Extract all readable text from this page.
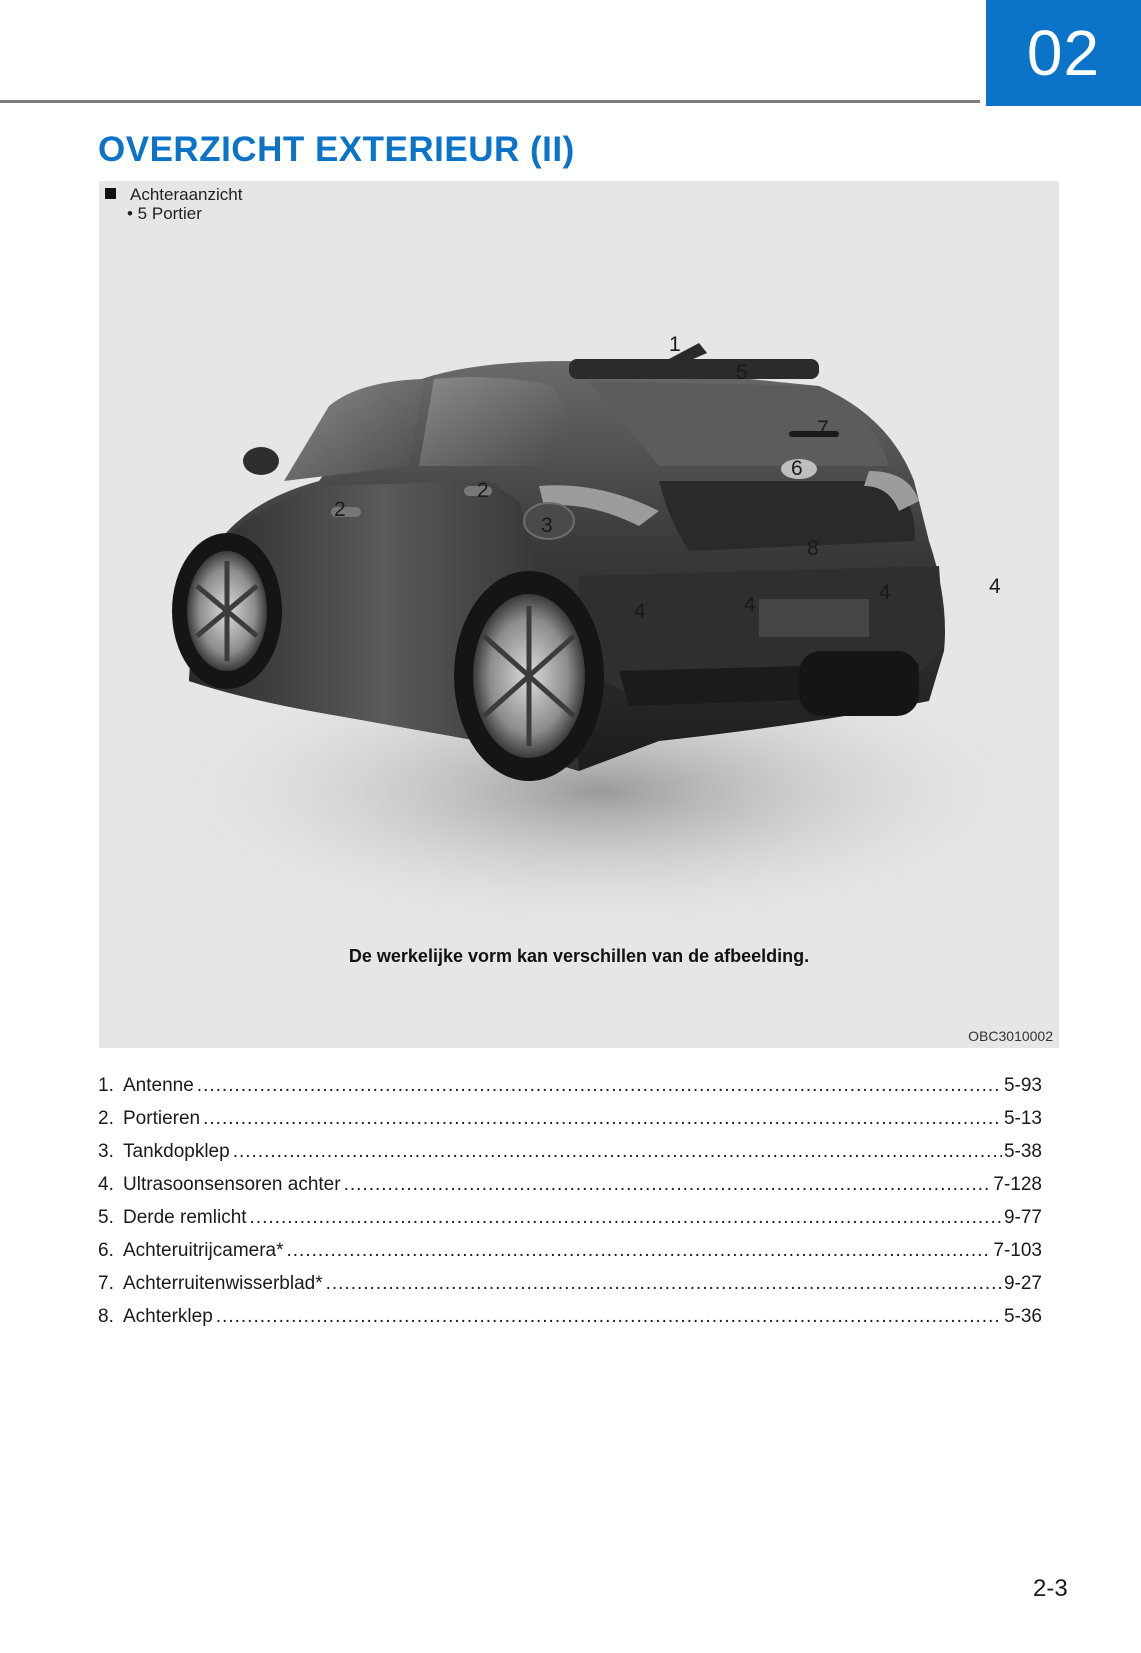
02
OVERZICHT EXTERIEUR (II)
Achteraanzicht
• 5 Portier
1
5
7
6
2
2
3
8
4	4
4	4
De werkelijke vorm kan verschillen van de afbeelding.
OBC3010002
1. Antenne .....	5-93
2. Portieren .....	5-13
3. Tankdopklep .....	5-38
4. Ultrasoonsensoren achter .....	7-128
5. Derde remlicht .....	9-77
6. Achteruitrijcamera* .....	7-103
7. Achterruitenwisserblad* .....	9-27
8. Achterklep .....	5-36
2-3
